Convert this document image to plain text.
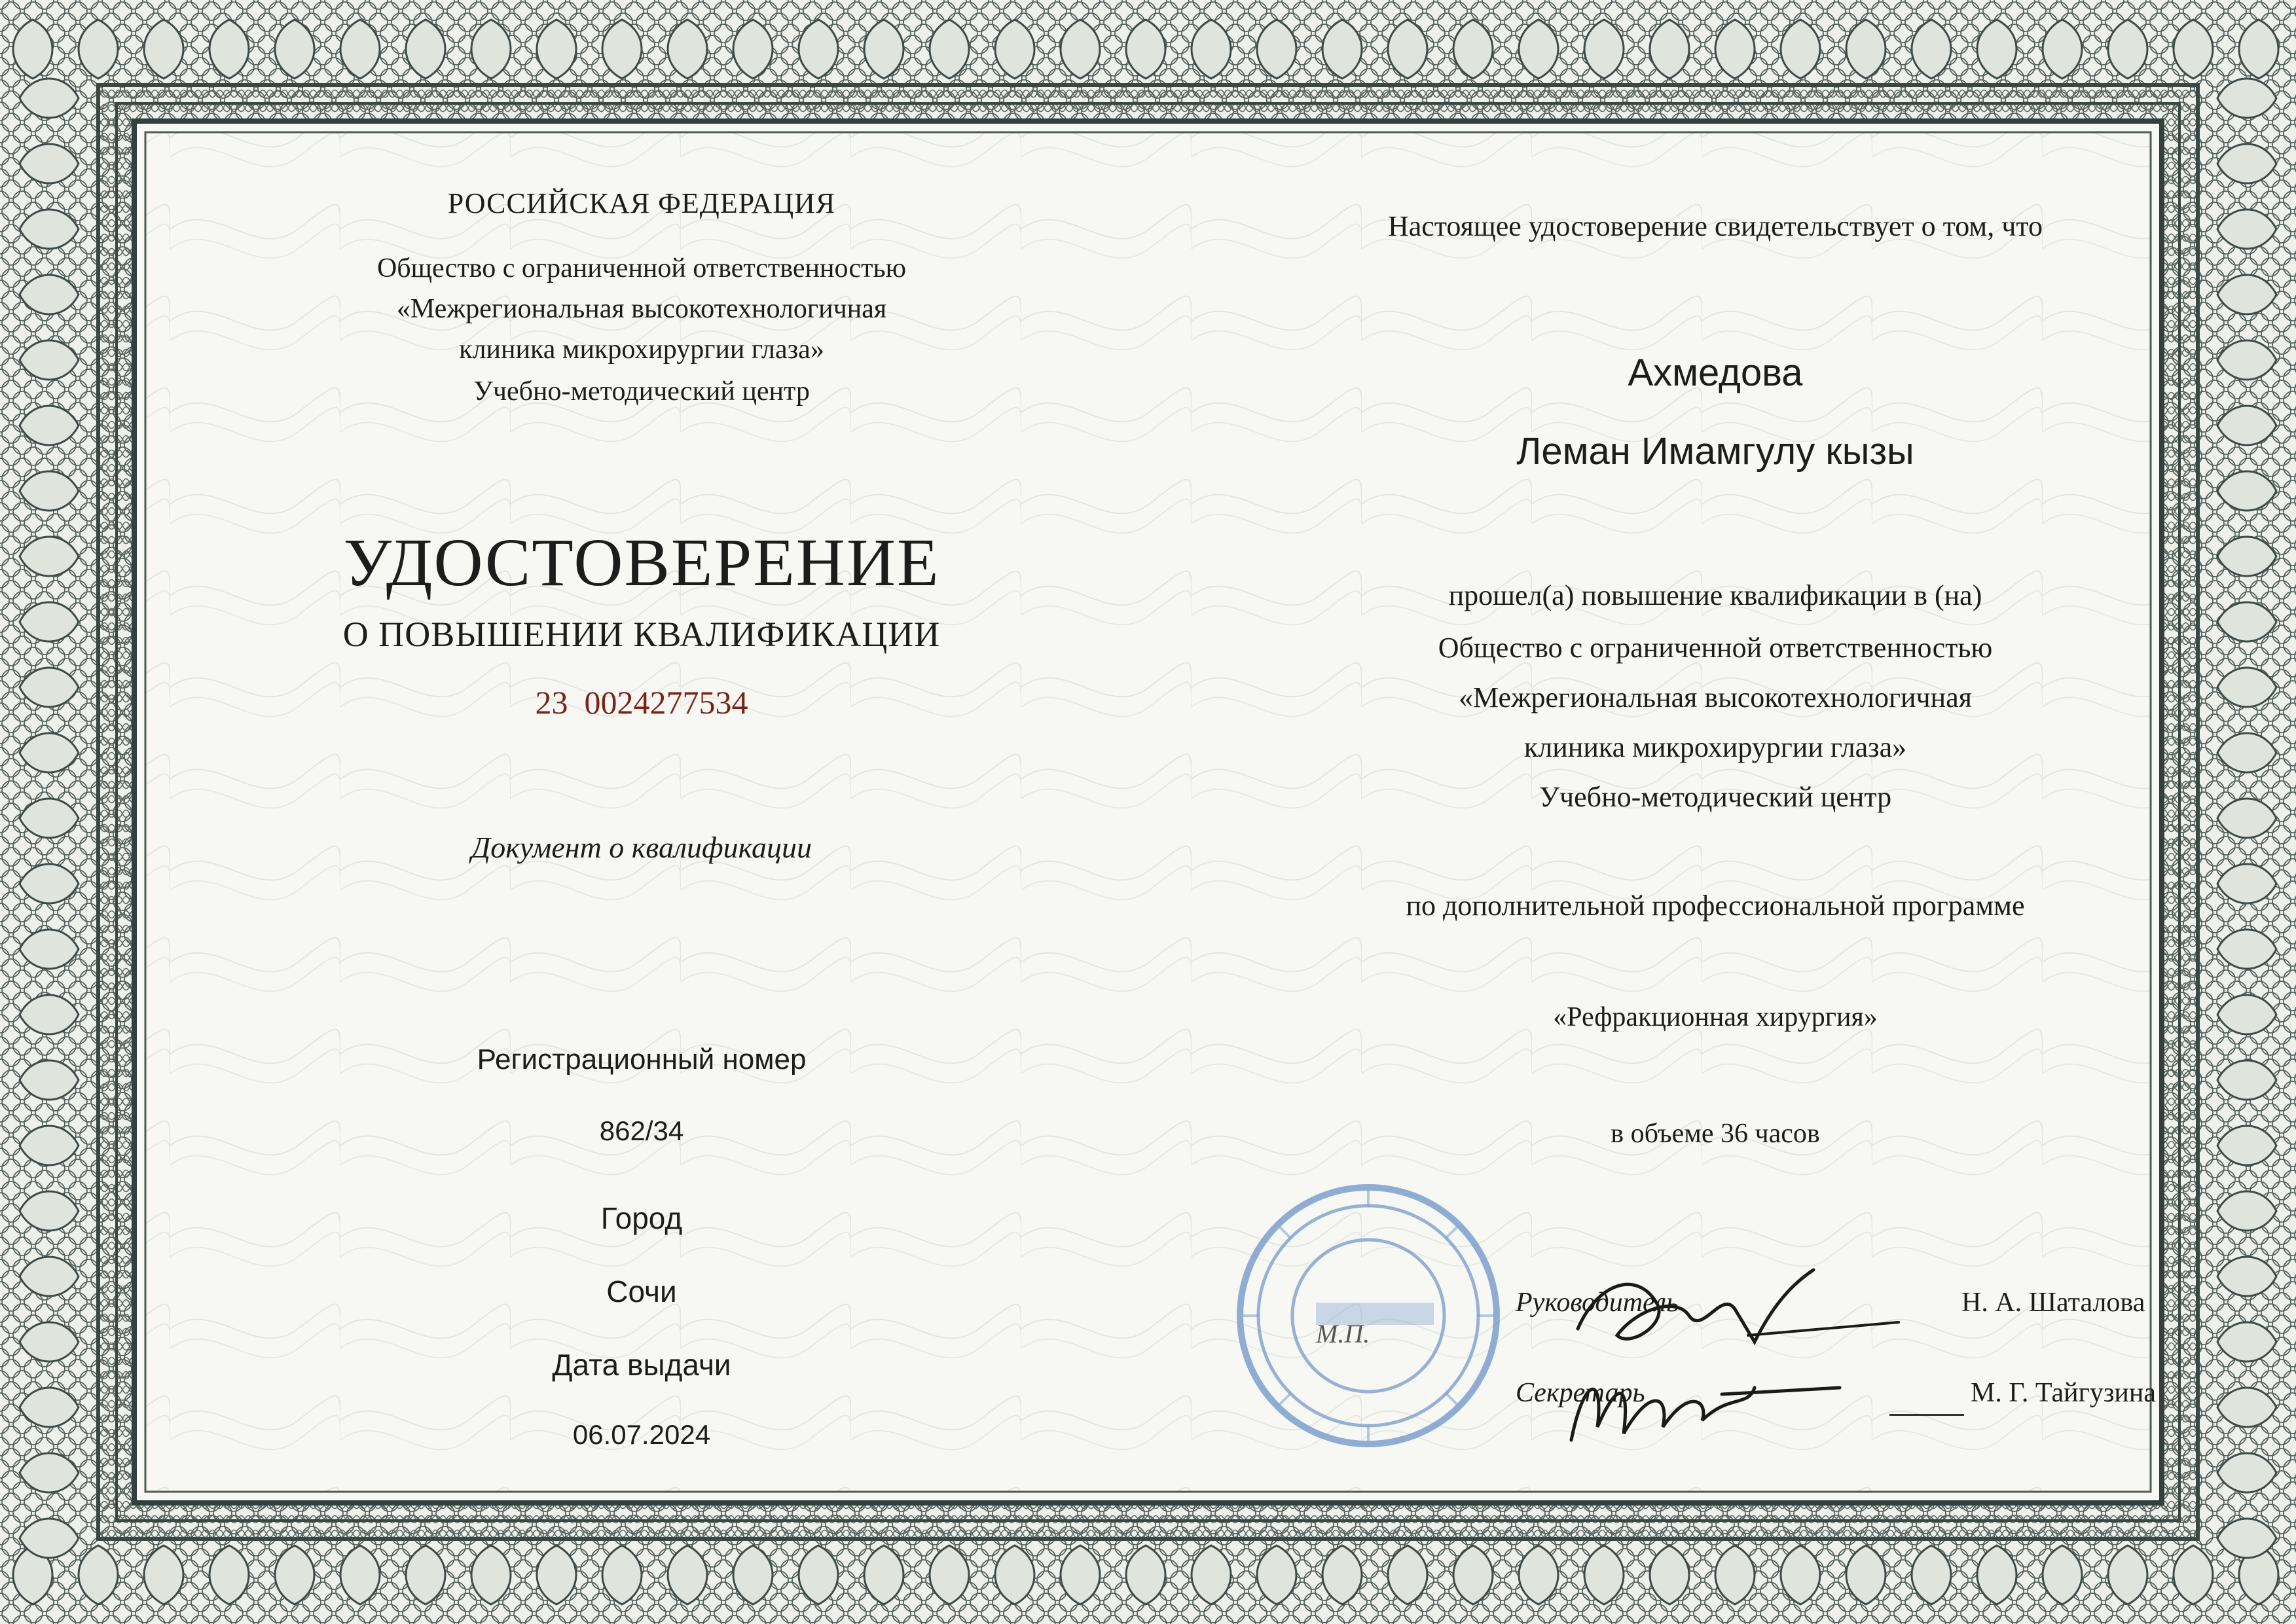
РОССИЙСКАЯ ФЕДЕРАЦИЯ
Общество с ограниченной ответственностью
«Межрегиональная высокотехнологичная
клиника микрохирургии глаза»
Учебно-методический центр
УДОСТОВЕРЕНИЕ
О ПОВЫШЕНИИ КВАЛИФИКАЦИИ
23 0024277534
Документ о квалификации
Регистрационный номер
862/34
Город
Сочи
Дата выдачи
06.07.2024
Настоящее удостоверение свидетельствует о том, что
Ахмедова
Леман Имамгулу кызы
прошел(а) повышение квалификации в (на)
Общество с ограниченной ответственностью
«Межрегиональная высокотехнологичная
клиника микрохирургии глаза»
Учебно-методический центр
по дополнительной профессиональной программе
«Рефракционная хирургия»
в объеме 36 часов
М.П.
Руководитель	Н. А. Шаталова
Секретарь	М. Г. Тайгузина
